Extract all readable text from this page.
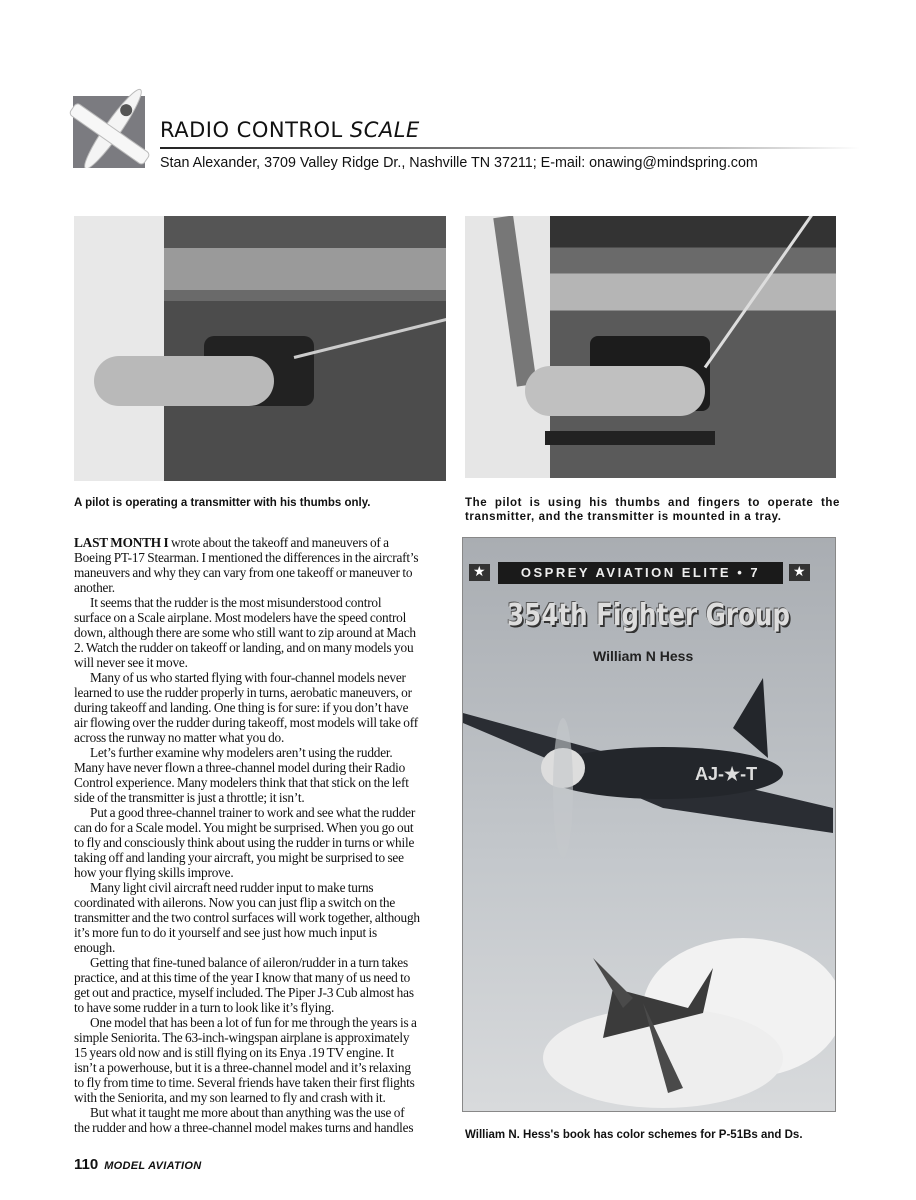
RADIO CONTROL SCALE
Stan Alexander, 3709 Valley Ridge Dr., Nashville TN 37211; E-mail: onawing@mindspring.com
A pilot is operating a transmitter with his thumbs only.	The pilot is using his thumbs and fingers to operate the transmitter, and the transmitter is mounted in a tray.
LAST MONTH I wrote about the takeoff and maneuvers of a
Boeing PT-17 Stearman. I mentioned the differences in the aircraft’s
maneuvers and why they can vary from one takeoff or maneuver to
another.
It seems that the rudder is the most misunderstood control
surface on a Scale airplane. Most modelers have the speed control
down, although there are some who still want to zip around at Mach
2. Watch the rudder on takeoff or landing, and on many models you
will never see it move.
Many of us who started flying with four-channel models never
learned to use the rudder properly in turns, aerobatic maneuvers, or
during takeoff and landing. One thing is for sure: if you don’t have
air flowing over the rudder during takeoff, most models will take off
across the runway no matter what you do.
Let’s further examine why modelers aren’t using the rudder.
Many have never flown a three-channel model during their Radio
Control experience. Many modelers think that that stick on the left
side of the transmitter is just a throttle; it isn’t.
Put a good three-channel trainer to work and see what the rudder
can do for a Scale model. You might be surprised. When you go out
to fly and consciously think about using the rudder in turns or while
taking off and landing your aircraft, you might be surprised to see
how your flying skills improve.
Many light civil aircraft need rudder input to make turns
coordinated with ailerons. Now you can just flip a switch on the
transmitter and the two control surfaces will work together, although
it’s more fun to do it yourself and see just how much input is
enough.
Getting that fine-tuned balance of aileron/rudder in a turn takes
practice, and at this time of the year I know that many of us need to
get out and practice, myself included. The Piper J-3 Cub almost has
to have some rudder in a turn to look like it’s flying.
One model that has been a lot of fun for me through the years is a
simple Seniorita. The 63-inch-wingspan airplane is approximately
15 years old now and is still flying on its Enya .19 TV engine. It
isn’t a powerhouse, but it is a three-channel model and it’s relaxing
to fly from time to time. Several friends have taken their first flights
with the Seniorita, and my son learned to fly and crash with it.
But what it taught me more about than anything was the use of
the rudder and how a three-channel model makes turns and handles
★	OSPREY AVIATION ELITE • 7	★
354th Fighter Group
William N Hess
AJ-★-T
William N. Hess's book has color schemes for P-51Bs and Ds.
110 MODEL AVIATION
